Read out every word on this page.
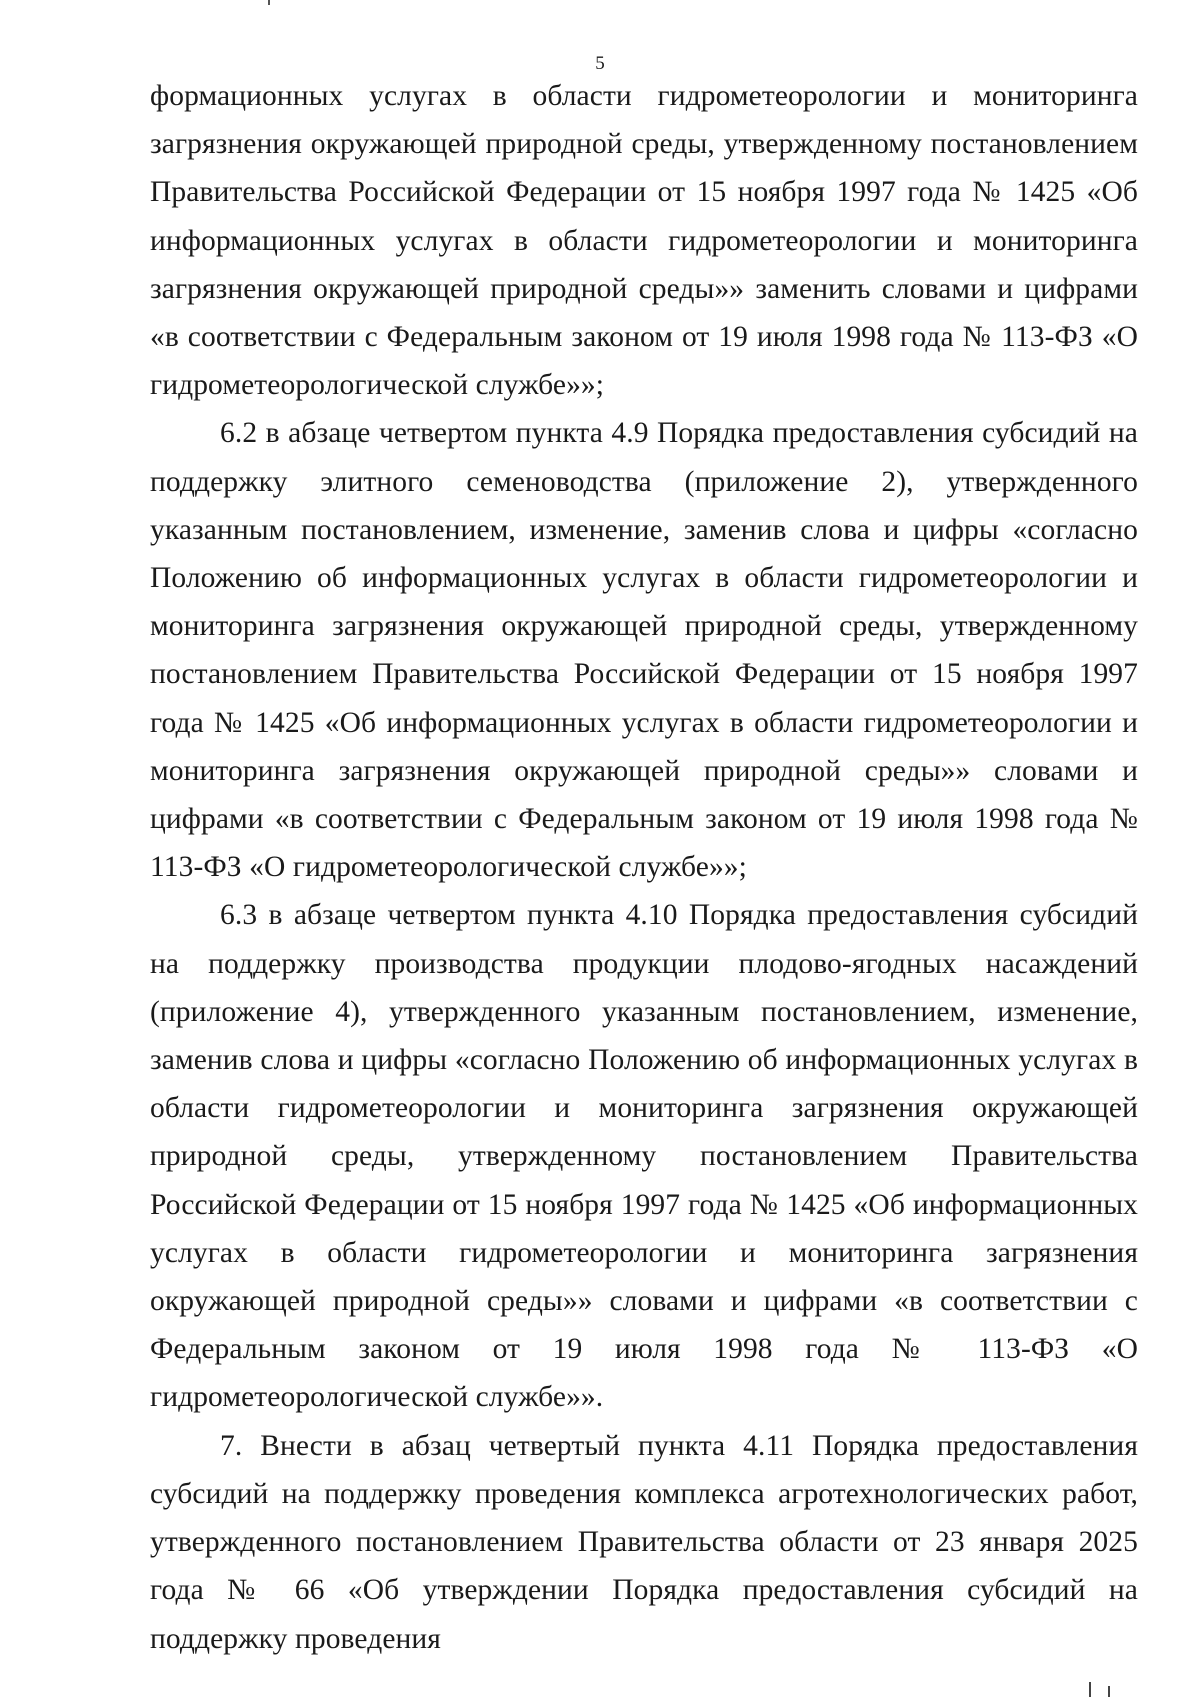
5

формационных услугах в области гидрометеорологии и мониторинга загрязнения окружающей природной среды, утвержденному постановлением Правительства Российской Федерации от 15 ноября 1997 года № 1425 «Об информационных услугах в области гидрометеорологии и мониторинга загрязнения окружающей природной среды»» заменить словами и цифрами «в соответствии с Федеральным законом от 19 июля 1998 года № 113-ФЗ «О гидрометеорологической службе»»;

6.2 в абзаце четвертом пункта 4.9 Порядка предоставления субсидий на поддержку элитного семеноводства (приложение 2), утвержденного указанным постановлением, изменение, заменив слова и цифры «согласно Положению об информационных услугах в области гидрометеорологии и мониторинга загрязнения окружающей природной среды, утвержденному постановлением Правительства Российской Федерации от 15 ноября 1997 года № 1425 «Об информационных услугах в области гидрометеорологии и мониторинга загрязнения окружающей природной среды»» словами и цифрами «в соответствии с Федеральным законом от 19 июля 1998 года № 113-ФЗ «О гидрометеорологической службе»»;

6.3 в абзаце четвертом пункта 4.10 Порядка предоставления субсидий на поддержку производства продукции плодово-ягодных насаждений (приложение 4), утвержденного указанным постановлением, изменение, заменив слова и цифры «согласно Положению об информационных услугах в области гидрометеорологии и мониторинга загрязнения окружающей природной среды, утвержденному постановлением Правительства Российской Федерации от 15 ноября 1997 года № 1425 «Об информационных услугах в области гидрометеорологии и мониторинга загрязнения окружающей природной среды»» словами и цифрами «в соответствии с Федеральным законом от 19 июля 1998 года № 113-ФЗ «О гидрометеорологической службе»».

7. Внести в абзац четвертый пункта 4.11 Порядка предоставления субсидий на поддержку проведения комплекса агротехнологических работ, утвержденного постановлением Правительства области от 23 января 2025 года № 66 «Об утверждении Порядка предоставления субсидий на поддержку проведения
